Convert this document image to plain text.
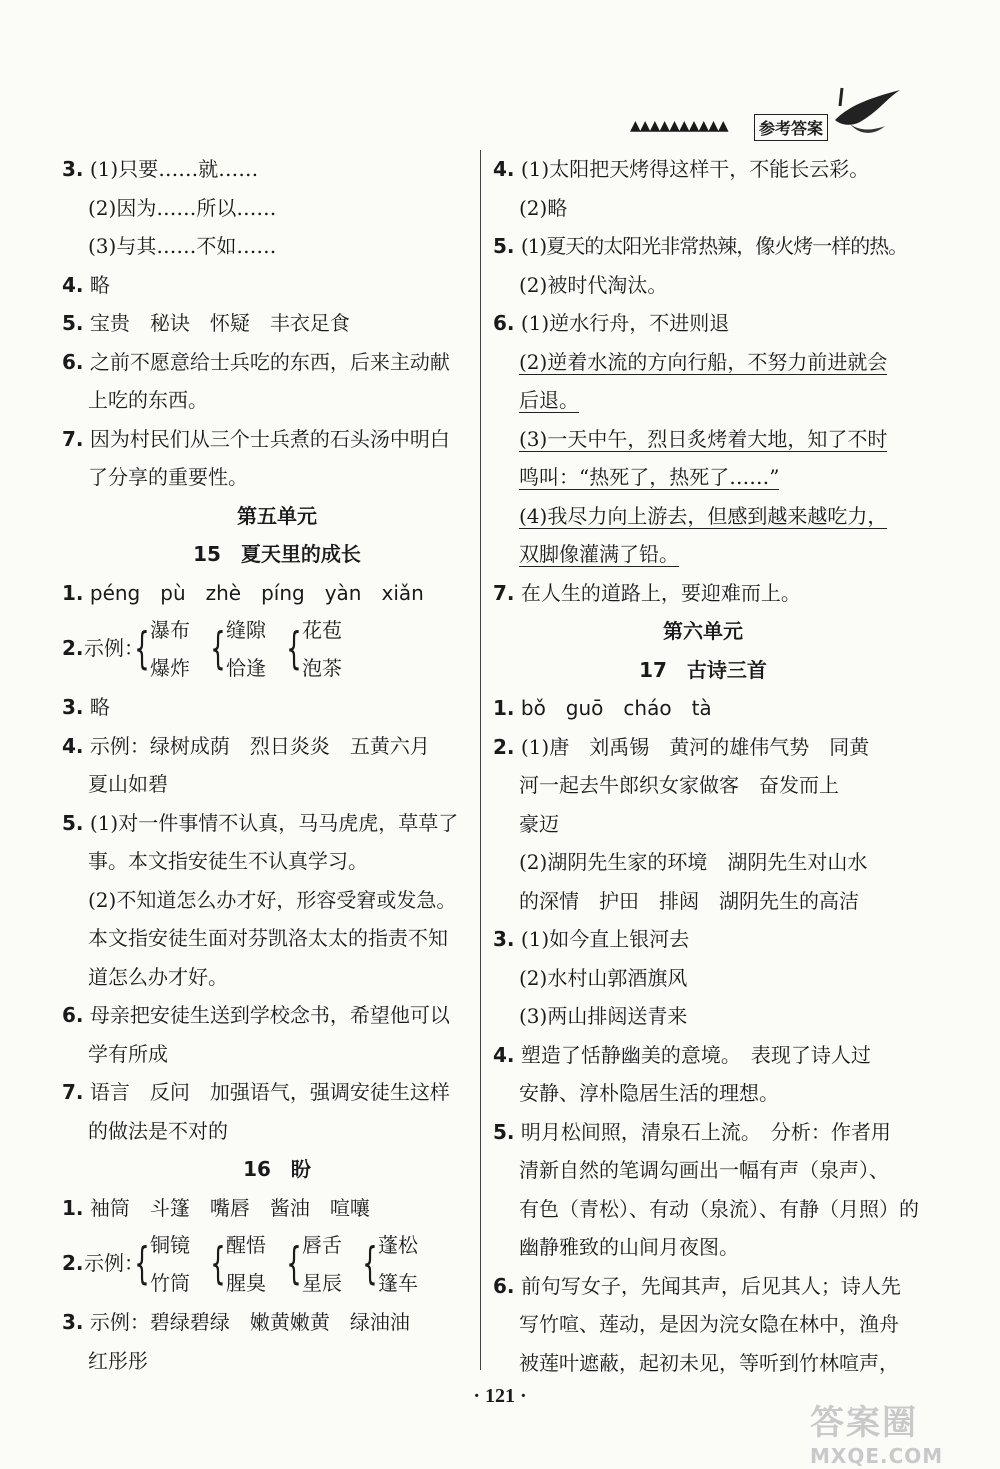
▲▲▲▲▲▲▲▲▲▲	参考答案
3. (1)只要……就……
(2)因为……所以……
(3)与其……不如……
4. 略
5. 宝贵　秘诀　怀疑　丰衣足食
6. 之前不愿意给士兵吃的东西，后来主动献
上吃的东西。
7. 因为村民们从三个士兵煮的石头汤中明白
了分享的重要性。
第五单元
15　夏天里的成长
1. péng　pù　zhè　píng　yàn　xiǎn
2. 示例：
{ 瀑布
爆炸 { 缝隙
恰逢 { 花苞
泡茶
3. 略
4. 示例：绿树成荫　烈日炎炎　五黄六月
夏山如碧
5. (1)对一件事情不认真，马马虎虎，草草了
事。本文指安徒生不认真学习。
(2)不知道怎么办才好，形容受窘或发急。
本文指安徒生面对芬凯洛太太的指责不知
道怎么办才好。
6. 母亲把安徒生送到学校念书，希望他可以
学有所成
7. 语言　反问　加强语气，强调安徒生这样
的做法是不对的
16　盼
1. 袖筒　斗篷　嘴唇　酱油　喧嚷
2. 示例：
{ 铜镜
竹筒 { 醒悟
腥臭 { 唇舌
星辰 { 蓬松
篷车
3. 示例：碧绿碧绿　嫩黄嫩黄　绿油油
红彤彤
4. (1)太阳把天烤得这样干，不能长云彩。
(2)略
5. (1)夏天的太阳光非常热辣，像火烤一样的热。
(2)被时代淘汰。
6. (1)逆水行舟，不进则退
(2)逆着水流的方向行船，不努力前进就会
后退。
(3)一天中午，烈日炙烤着大地，知了不时
鸣叫：“热死了，热死了……”
(4)我尽力向上游去，但感到越来越吃力，
双脚像灌满了铅。
7. 在人生的道路上，要迎难而上。
第六单元
17　古诗三首
1. bǒ　guō　cháo　tà
2. (1)唐　刘禹锡　黄河的雄伟气势　同黄
河一起去牛郎织女家做客　奋发而上
豪迈
(2)湖阴先生家的环境　湖阴先生对山水
的深情　护田　排闼　湖阴先生的高洁
3. (1)如今直上银河去
(2)水村山郭酒旗风
(3)两山排闼送青来
4. 塑造了恬静幽美的意境。　表现了诗人过
安静、淳朴隐居生活的理想。
5. 明月松间照，清泉石上流。　分析：作者用
清新自然的笔调勾画出一幅有声（泉声）、
有色（青松）、有动（泉流）、有静（月照）的
幽静雅致的山间月夜图。
6. 前句写女子，先闻其声，后见其人；诗人先
写竹喧、莲动，是因为浣女隐在林中，渔舟
被莲叶遮蔽，起初未见，等听到竹林喧声，
· 121 ·
答案圈
MXQE.COM
